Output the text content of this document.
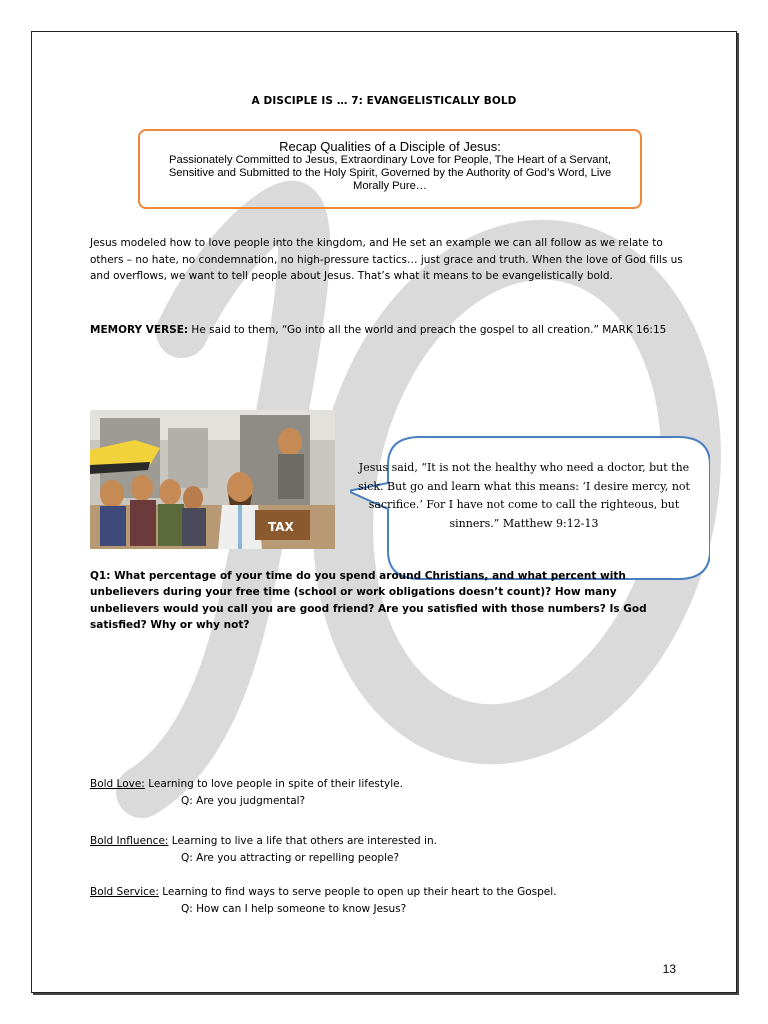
A DISCIPLE IS … 7: EVANGELISTICALLY BOLD
Recap Qualities of a Disciple of Jesus:
Passionately Committed to Jesus, Extraordinary Love for People, The Heart of a Servant, Sensitive and Submitted to the Holy Spirit, Governed by the Authority of God’s Word, Live Morally Pure…
Jesus modeled how to love people into the kingdom, and He set an example we can all follow as we relate to others – no hate, no condemnation, no high-pressure tactics… just grace and truth. When the love of God fills us and overflows, we want to tell people about Jesus. That’s what it means to be evangelistically bold.
MEMORY VERSE: He said to them, “Go into all the world and preach the gospel to all creation.” MARK 16:15
TAX
Jesus said, “It is not the healthy who need a doctor, but the sick. But go and learn what this means: ‘I desire mercy, not sacrifice.’ For I have not come to call the righteous, but sinners.” Matthew 9:12-13
Q1: What percentage of your time do you spend around Christians, and what percent with unbelievers during your free time (school or work obligations doesn’t count)? How many unbelievers would you call you are good friend? Are you satisfied with those numbers? Is God satisfied? Why or why not?
Bold Love: Learning to love people in spite of their lifestyle.
Q: Are you judgmental?
Bold Influence: Learning to live a life that others are interested in.
Q: Are you attracting or repelling people?
Bold Service: Learning to find ways to serve people to open up their heart to the Gospel.
Q: How can I help someone to know Jesus?
13
